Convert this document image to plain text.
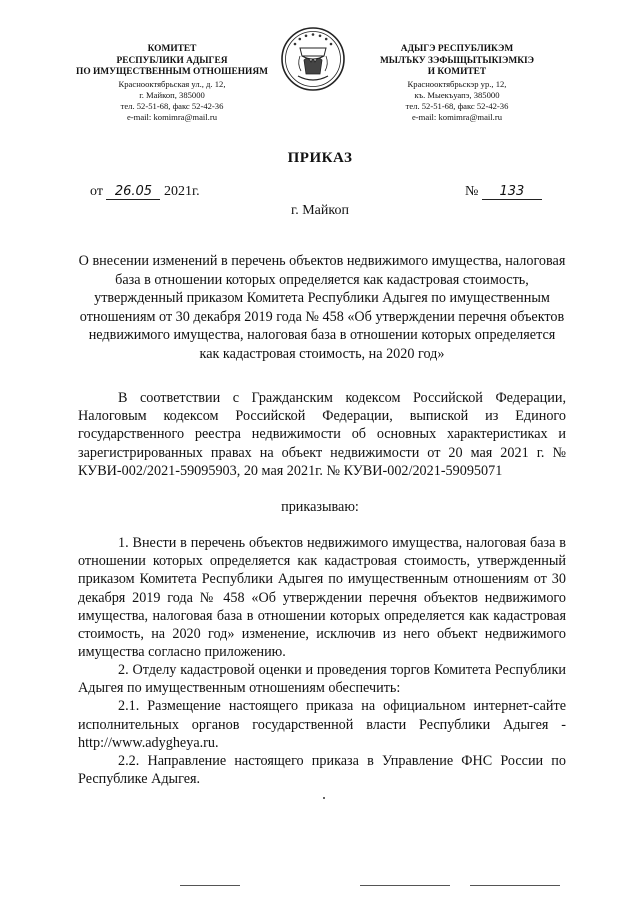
КОМИТЕТ
РЕСПУБЛИКИ АДЫГЕЯ
ПО ИМУЩЕСТВЕННЫМ ОТНОШЕНИЯМ
Краснооктябрьская ул., д. 12,
г. Майкоп, 385000
тел. 52-51-68, факс 52-42-36
e-mail: komimra@mail.ru
АДЫГЭ РЕСПУБЛИКЭМ
МЫЛЪКУ ЗЭФЫЩЫТЫКІЭМКІЭ
И КОМИТЕТ
Краснооктябрьскэр ур., 12,
къ. Мыекъуапэ, 385000
тел. 52-51-68, факс 52-42-36
e-mail: komimra@mail.ru
ПРИКАЗ
от 26.05 2021г.	№ 133
г. Майкоп
О внесении изменений в перечень объектов недвижимого имущества, налоговая база в отношении которых определяется как кадастровая стоимость, утвержденный приказом Комитета Республики Адыгея по имущественным отношениям от 30 декабря 2019 года № 458 «Об утверждении перечня объектов недвижимого имущества, налоговая база в отношении которых определяется как кадастровая стоимость, на 2020 год»
В соответствии с Гражданским кодексом Российской Федерации, Налоговым кодексом Российской Федерации, выпиской из Единого государственного реестра недвижимости об основных характеристиках и зарегистрированных правах на объект недвижимости от 20 мая 2021 г. № КУВИ-002/2021-59095903, 20 мая 2021г. № КУВИ-002/2021-59095071
приказываю:
1. Внести в перечень объектов недвижимого имущества, налоговая база в отношении которых определяется как кадастровая стоимость, утвержденный приказом Комитета Республики Адыгея по имущественным отношениям от 30 декабря 2019 года № 458 «Об утверждении перечня объектов недвижимого имущества, налоговая база в отношении которых определяется как кадастровая стоимость, на 2020 год» изменение, исключив из него объект недвижимого имущества согласно приложению.
2. Отделу кадастровой оценки и проведения торгов Комитета Республики Адыгея по имущественным отношениям обеспечить:
2.1. Размещение настоящего приказа на официальном интернет-сайте исполнительных органов государственной власти Республики Адыгея - http://www.adygheya.ru.
2.2. Направление настоящего приказа в Управление ФНС России по Республике Адыгея.
